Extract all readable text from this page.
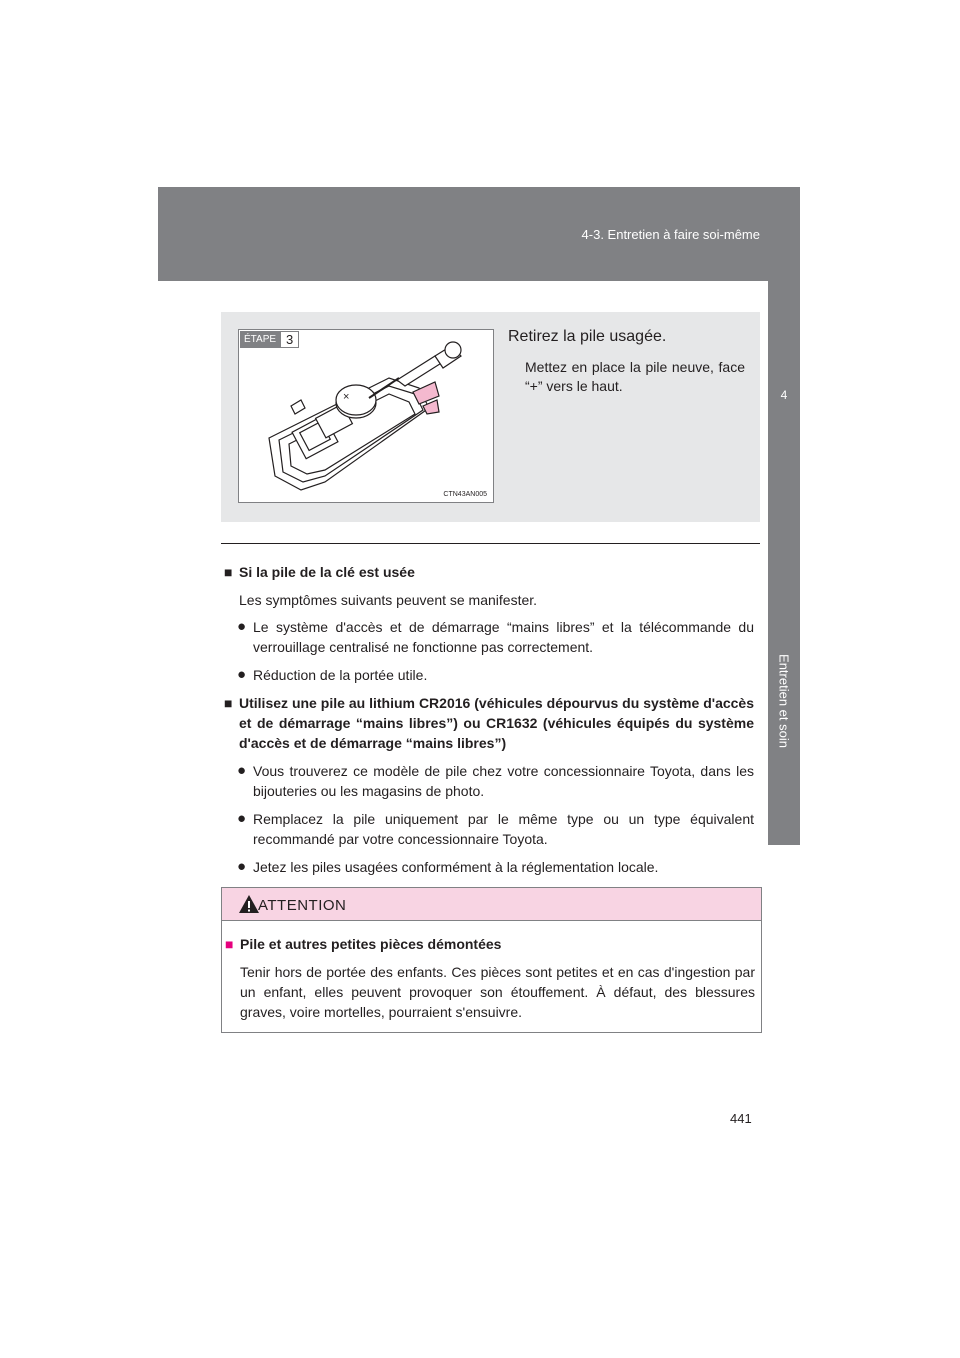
4-3. Entretien à faire soi-même
4
Entretien et soin
ÉTAPE 3
×
CTN43AN005
Retirez la pile usagée.
Mettez en place la pile neuve, face “+” vers le haut.
■ Si la pile de la clé est usée
Les symptômes suivants peuvent se manifester.
● Le système d'accès et de démarrage “mains libres” et la télécommande du verrouillage centralisé ne fonctionne pas correctement.
● Réduction de la portée utile.
■ Utilisez une pile au lithium CR2016 (véhicules dépourvus du système d'accès et de démarrage “mains libres”) ou CR1632 (véhicules équipés du système d'accès et de démarrage “mains libres”)
● Vous trouverez ce modèle de pile chez votre concessionnaire Toyota, dans les bijouteries ou les magasins de photo.
● Remplacez la pile uniquement par le même type ou un type équivalent recommandé par votre concessionnaire Toyota.
● Jetez les piles usagées conformément à la réglementation locale.
ATTENTION
■ Pile et autres petites pièces démontées
Tenir hors de portée des enfants. Ces pièces sont petites et en cas d'ingestion par un enfant, elles peuvent provoquer son étouffement. À défaut, des blessures graves, voire mortelles, pourraient s'ensuivre.
441
